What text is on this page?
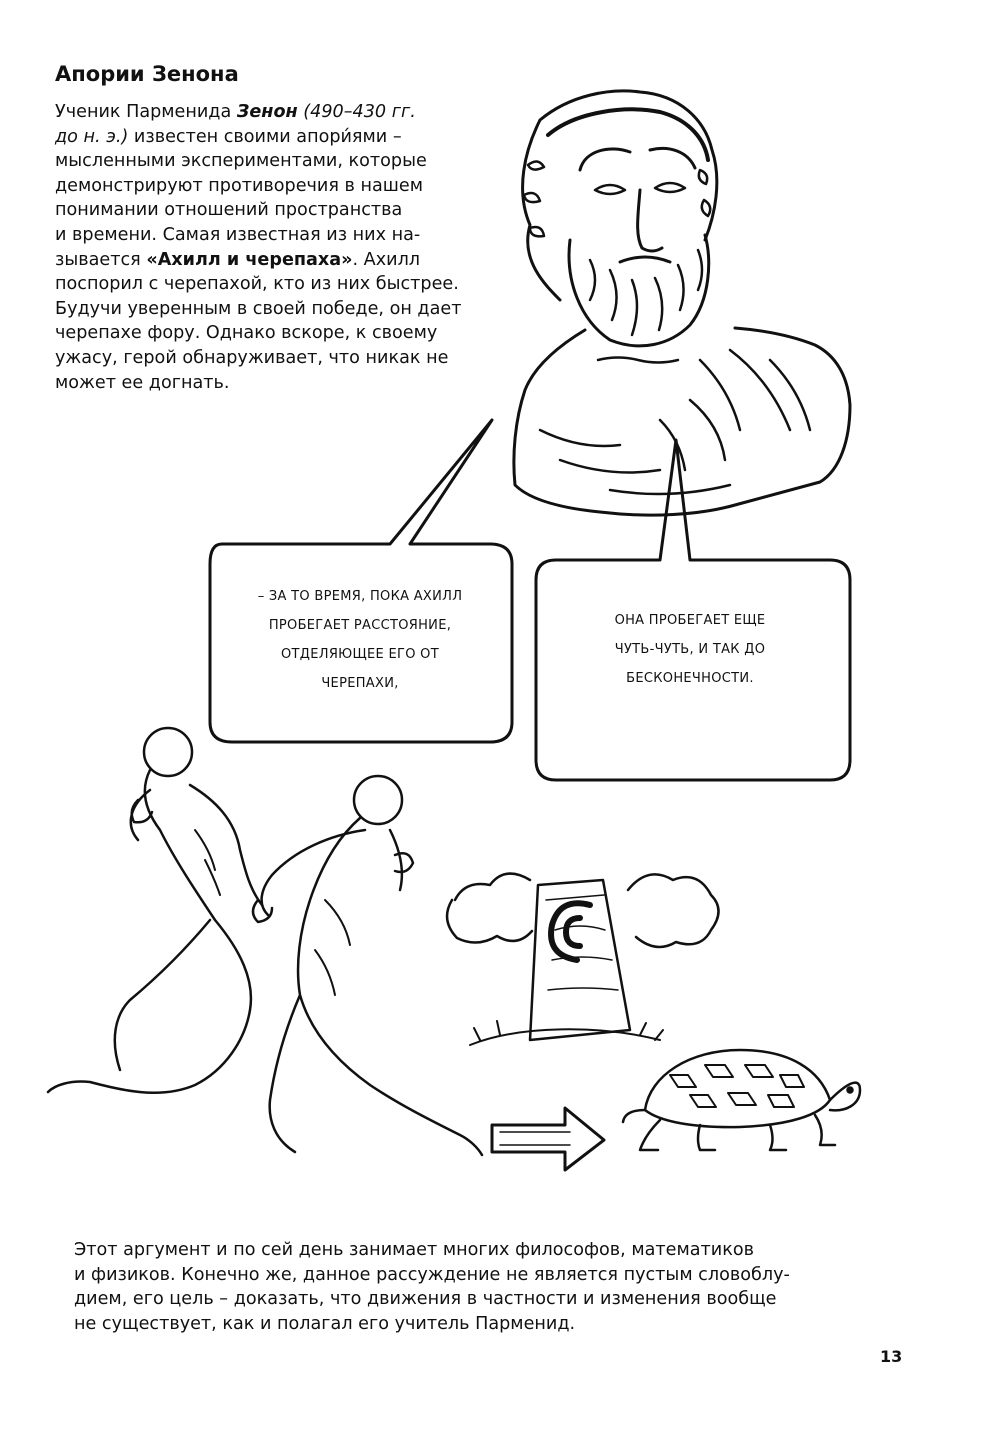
Апории Зенона

Ученик Парменида Зенон (490–430 гг.
до н. э.) известен своими апори́ями –
мысленными экспериментами, которые
демонстрируют противоречия в нашем
понимании отношений пространства
и времени. Самая известная из них на-
зывается «Ахилл и черепаха». Ахилл
поспорил с черепахой, кто из них быстрее.
Будучи уверенным в своей победе, он дает
черепахе фору. Однако вскоре, к своему
ужасу, герой обнаруживает, что никак не
может ее догнать.

– ЗА ТО ВРЕМЯ, ПОКА АХИЛЛ
ПРОБЕГАЕТ РАССТОЯНИЕ,
ОТДЕЛЯЮЩЕЕ ЕГО ОТ
ЧЕРЕПАХИ,
ОНА ПРОБЕГАЕТ ЕЩЕ
ЧУТЬ-ЧУТЬ, И ТАК ДО
БЕСКОНЕЧНОСТИ.

Этот аргумент и по сей день занимает многих философов, математиков
и физиков. Конечно же, данное рассуждение не является пустым словоблу-
дием, его цель – доказать, что движения в частности и изменения вообще
не существует, как и полагал его учитель Парменид.

13
